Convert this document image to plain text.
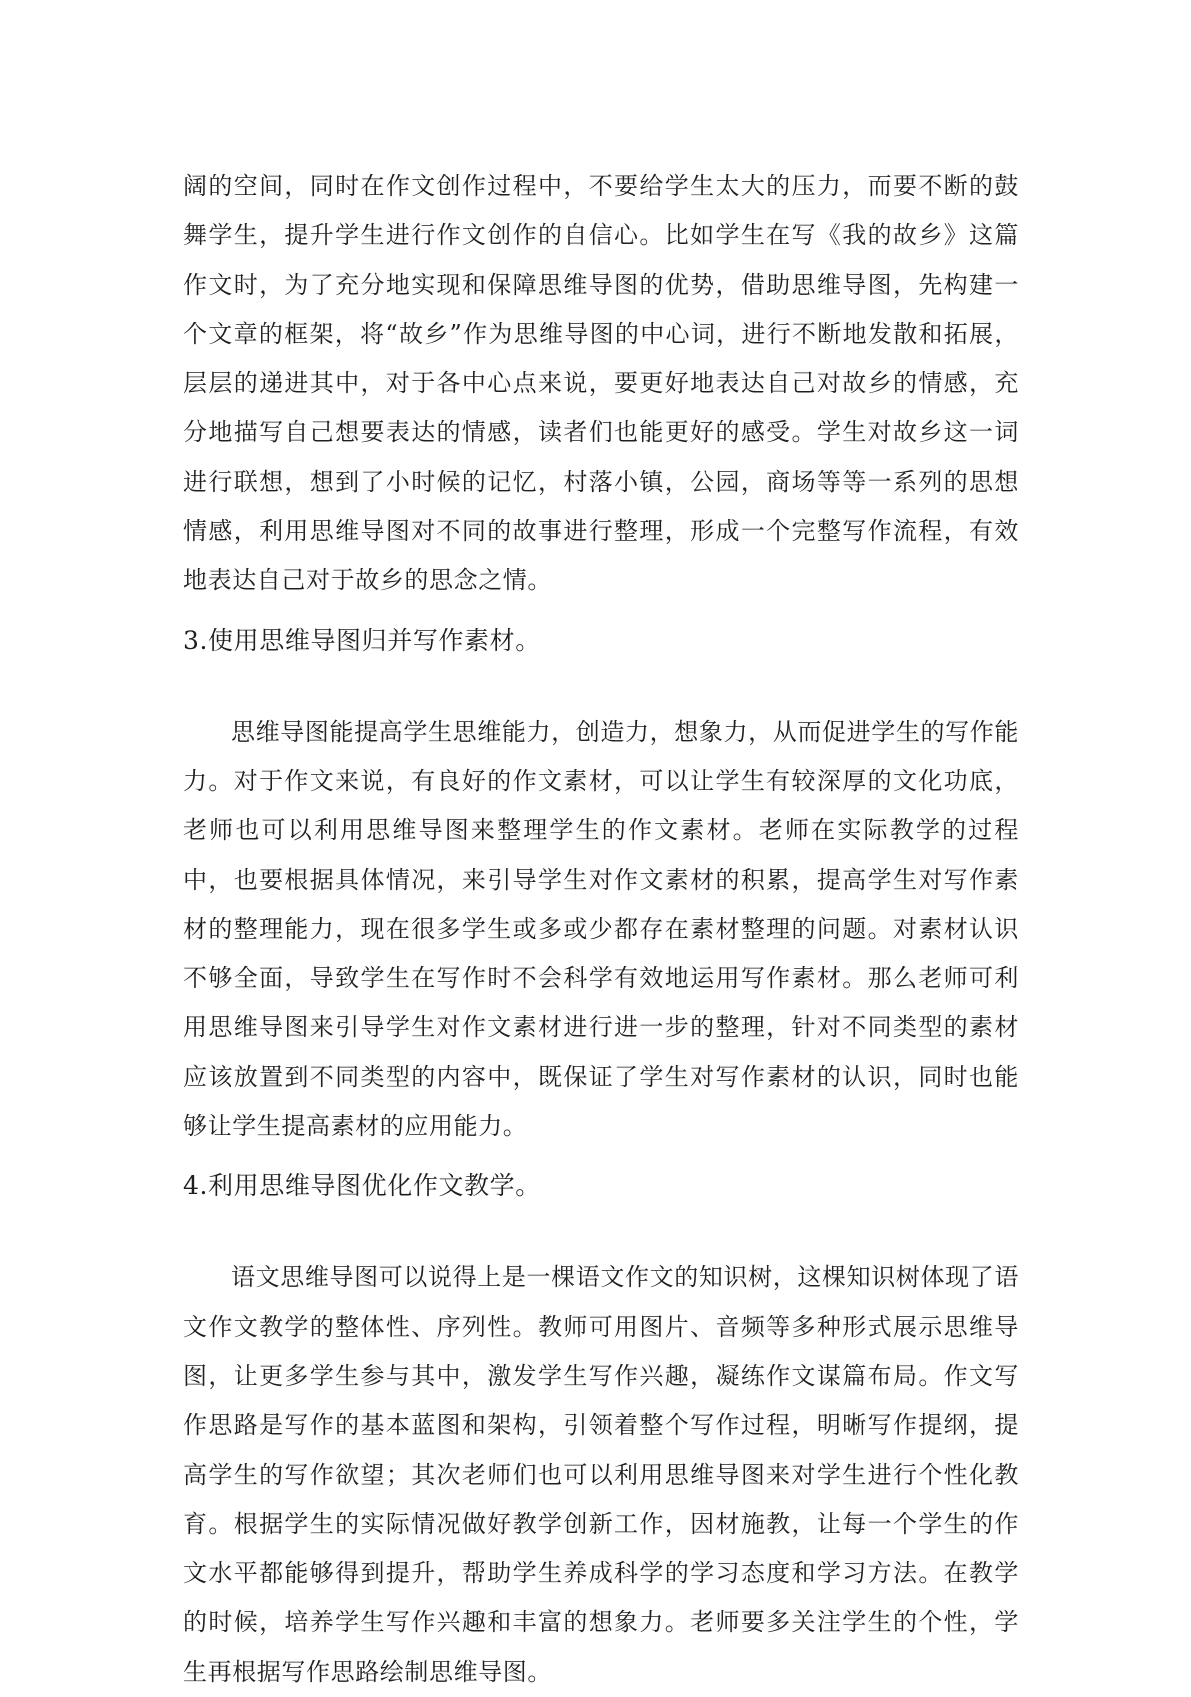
阔的空间，同时在作文创作过程中，不要给学生太大的压力，而要不断的鼓舞学生，提升学生进行作文创作的自信心。比如学生在写《我的故乡》这篇作文时，为了充分地实现和保障思维导图的优势，借助思维导图，先构建一个文章的框架，将“故乡”作为思维导图的中心词，进行不断地发散和拓展，层层的递进其中，对于各中心点来说，要更好地表达自己对故乡的情感，充分地描写自己想要表达的情感，读者们也能更好的感受。学生对故乡这一词进行联想，想到了小时候的记忆，村落小镇，公园，商场等等一系列的思想情感，利用思维导图对不同的故事进行整理，形成一个完整写作流程，有效地表达自己对于故乡的思念之情。

3.使用思维导图归并写作素材。

思维导图能提高学生思维能力，创造力，想象力，从而促进学生的写作能力。对于作文来说，有良好的作文素材，可以让学生有较深厚的文化功底，老师也可以利用思维导图来整理学生的作文素材。老师在实际教学的过程中，也要根据具体情况，来引导学生对作文素材的积累，提高学生对写作素材的整理能力，现在很多学生或多或少都存在素材整理的问题。对素材认识不够全面，导致学生在写作时不会科学有效地运用写作素材。那么老师可利用思维导图来引导学生对作文素材进行进一步的整理，针对不同类型的素材应该放置到不同类型的内容中，既保证了学生对写作素材的认识，同时也能够让学生提高素材的应用能力。

4.利用思维导图优化作文教学。

语文思维导图可以说得上是一棵语文作文的知识树，这棵知识树体现了语文作文教学的整体性、序列性。教师可用图片、音频等多种形式展示思维导图，让更多学生参与其中，激发学生写作兴趣，凝练作文谋篇布局。作文写作思路是写作的基本蓝图和架构，引领着整个写作过程，明晰写作提纲，提高学生的写作欲望；其次老师们也可以利用思维导图来对学生进行个性化教育。根据学生的实际情况做好教学创新工作，因材施教，让每一个学生的作文水平都能够得到提升，帮助学生养成科学的学习态度和学习方法。在教学的时候，培养学生写作兴趣和丰富的想象力。老师要多关注学生的个性，学生再根据写作思路绘制思维导图。
